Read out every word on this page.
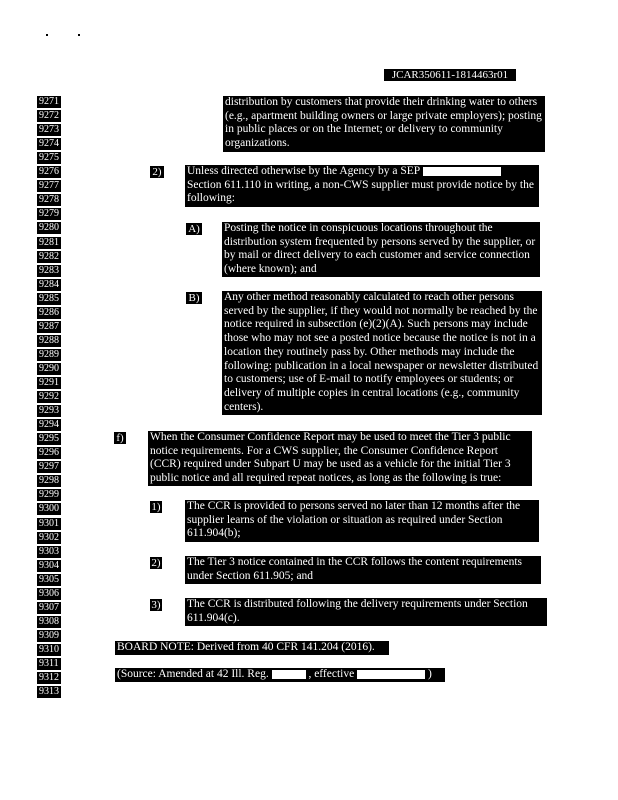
JCAR350611-1814463r01
9271
9272
9273
9274
9275
9276
9277
9278
9279
9280
9281
9282
9283
9284
9285
9286
9287
9288
9289
9290
9291
9292
9293
9294
9295
9296
9297
9298
9299
9300
9301
9302
9303
9304
9305
9306
9307
9308
9309
9310
9311
9312
9313
distribution by customers that provide their drinking water to others (e.g., apartment building owners or large private employers); posting in public places or on the Internet; or delivery to community organizations.
2) Unless directed otherwise by the Agency by a SEP  Section 611.110 in writing, a non-CWS supplier must provide notice by the following:
A) Posting the notice in conspicuous locations throughout the distribution system frequented by persons served by the supplier, or by mail or direct delivery to each customer and service connection (where known); and
B) Any other method reasonably calculated to reach other persons served by the supplier, if they would not normally be reached by the notice required in subsection (e)(2)(A). Such persons may include those who may not see a posted notice because the notice is not in a location they routinely pass by. Other methods may include the following: publication in a local newspaper or newsletter distributed to customers; use of E-mail to notify employees or students; or delivery of multiple copies in central locations (e.g., community centers).
f) When the Consumer Confidence Report may be used to meet the Tier 3 public notice requirements. For a CWS supplier, the Consumer Confidence Report (CCR) required under Subpart U may be used as a vehicle for the initial Tier 3 public notice and all required repeat notices, as long as the following is true:
1) The CCR is provided to persons served no later than 12 months after the supplier learns of the violation or situation as required under Section 611.904(b);
2) The Tier 3 notice contained in the CCR follows the content requirements under Section 611.905; and
3) The CCR is distributed following the delivery requirements under Section 611.904(c).
BOARD NOTE: Derived from 40 CFR 141.204 (2016).
(Source: Amended at 42 Ill. Reg.	, effective	)
